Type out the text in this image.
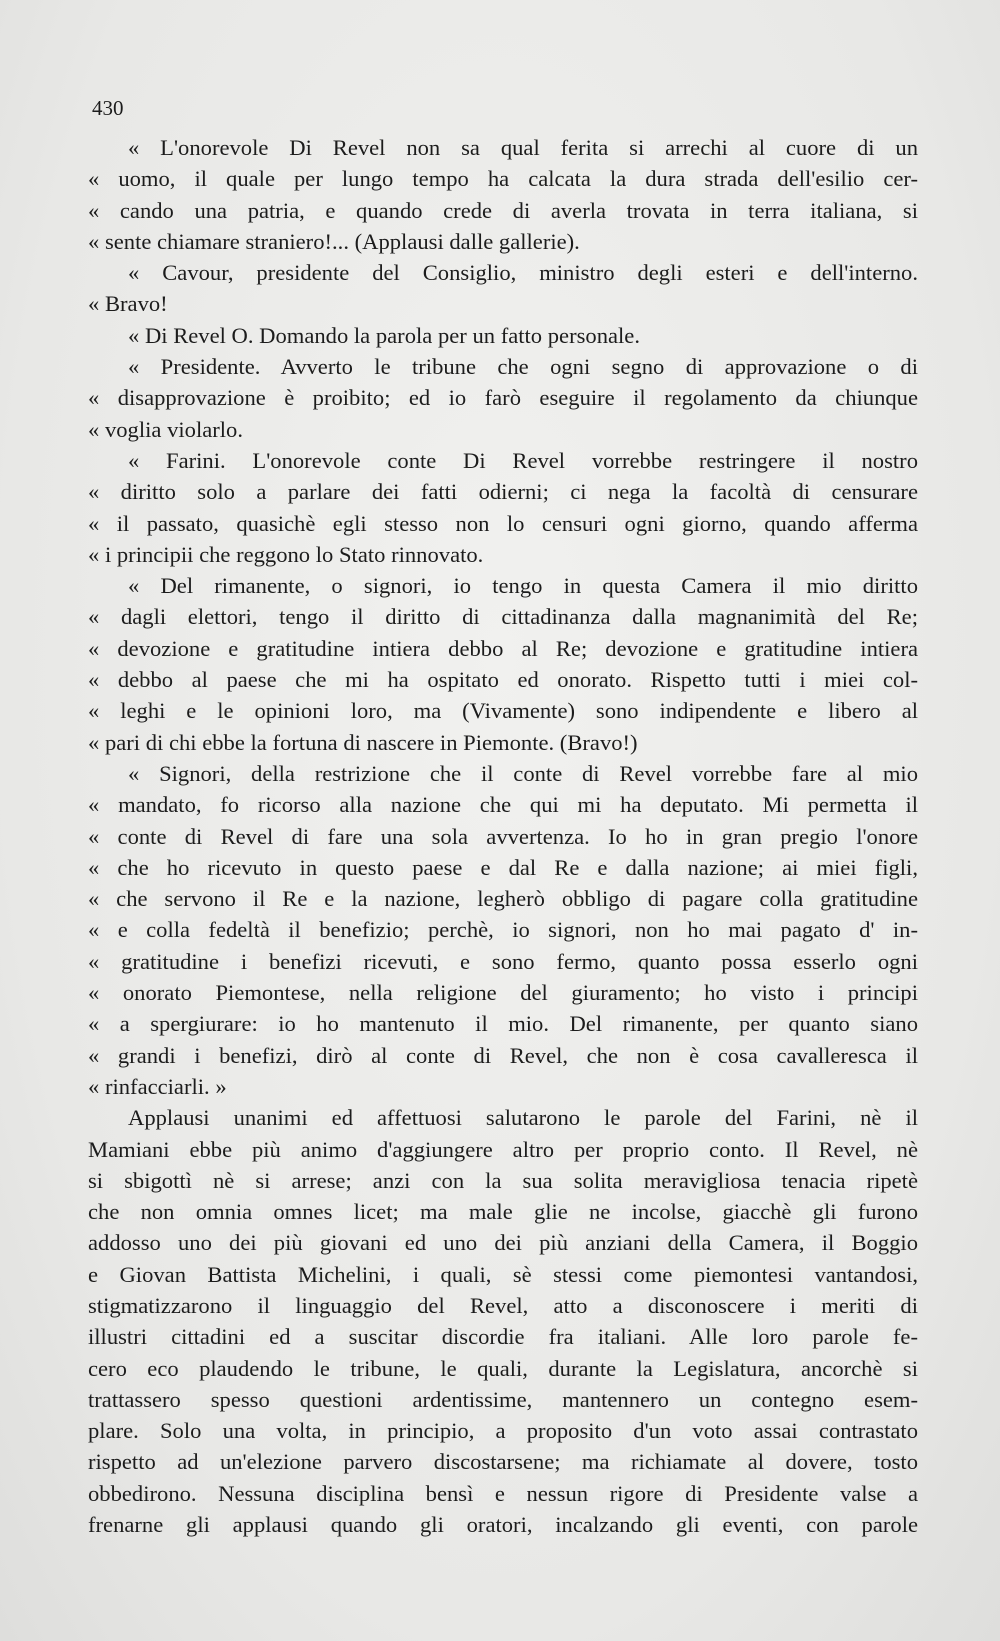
430
« L'onorevole Di Revel non sa qual ferita si arrechi al cuore di un
« uomo, il quale per lungo tempo ha calcata la dura strada dell'esilio cer-
« cando una patria, e quando crede di averla trovata in terra italiana, si
« sente chiamare straniero!... (Applausi dalle gallerie).
« Cavour, presidente del Consiglio, ministro degli esteri e dell'interno.
« Bravo!
« Di Revel O. Domando la parola per un fatto personale.
« Presidente. Avverto le tribune che ogni segno di approvazione o di
« disapprovazione è proibito; ed io farò eseguire il regolamento da chiunque
« voglia violarlo.
« Farini. L'onorevole conte Di Revel vorrebbe restringere il nostro
« diritto solo a parlare dei fatti odierni; ci nega la facoltà di censurare
« il passato, quasichè egli stesso non lo censuri ogni giorno, quando afferma
« i principii che reggono lo Stato rinnovato.
« Del rimanente, o signori, io tengo in questa Camera il mio diritto
« dagli elettori, tengo il diritto di cittadinanza dalla magnanimità del Re;
« devozione e gratitudine intiera debbo al Re; devozione e gratitudine intiera
« debbo al paese che mi ha ospitato ed onorato. Rispetto tutti i miei col-
« leghi e le opinioni loro, ma (Vivamente) sono indipendente e libero al
« pari di chi ebbe la fortuna di nascere in Piemonte. (Bravo!)
« Signori, della restrizione che il conte di Revel vorrebbe fare al mio
« mandato, fo ricorso alla nazione che qui mi ha deputato. Mi permetta il
« conte di Revel di fare una sola avvertenza. Io ho in gran pregio l'onore
« che ho ricevuto in questo paese e dal Re e dalla nazione; ai miei figli,
« che servono il Re e la nazione, legherò obbligo di pagare colla gratitudine
« e colla fedeltà il benefizio; perchè, io signori, non ho mai pagato d' in-
« gratitudine i benefizi ricevuti, e sono fermo, quanto possa esserlo ogni
« onorato Piemontese, nella religione del giuramento; ho visto i principi
« a spergiurare: io ho mantenuto il mio. Del rimanente, per quanto siano
« grandi i benefizi, dirò al conte di Revel, che non è cosa cavalleresca il
« rinfacciarli. »
Applausi unanimi ed affettuosi salutarono le parole del Farini, nè il
Mamiani ebbe più animo d'aggiungere altro per proprio conto. Il Revel, nè
si sbigottì nè si arrese; anzi con la sua solita meravigliosa tenacia ripetè
che non omnia omnes licet; ma male glie ne incolse, giacchè gli furono
addosso uno dei più giovani ed uno dei più anziani della Camera, il Boggio
e Giovan Battista Michelini, i quali, sè stessi come piemontesi vantandosi,
stigmatizzarono il linguaggio del Revel, atto a disconoscere i meriti di
illustri cittadini ed a suscitar discordie fra italiani. Alle loro parole fe-
cero eco plaudendo le tribune, le quali, durante la Legislatura, ancorchè si
trattassero spesso questioni ardentissime, mantennero un contegno esem-
plare. Solo una volta, in principio, a proposito d'un voto assai contrastato
rispetto ad un'elezione parvero discostarsene; ma richiamate al dovere, tosto
obbedirono. Nessuna disciplina bensì e nessun rigore di Presidente valse a
frenarne gli applausi quando gli oratori, incalzando gli eventi, con parole
